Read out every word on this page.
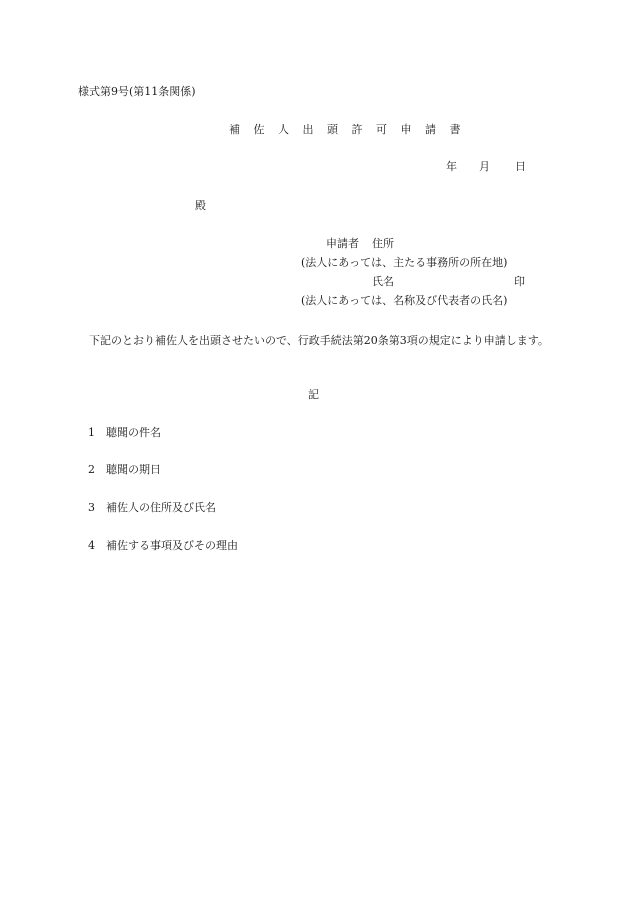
様式第9号(第11条関係)
補 佐 人 出 頭 許 可 申 請 書
年 月 日
殿
申請者 住所
(法人にあっては、主たる事務所の所在地)
氏名	印
(法人にあっては、名称及び代表者の氏名)
下記のとおり補佐人を出頭させたいので、行政手続法第20条第3項の規定により申請します。
記
1 聴聞の件名
2 聴聞の期日
3 補佐人の住所及び氏名
4 補佐する事項及びその理由
